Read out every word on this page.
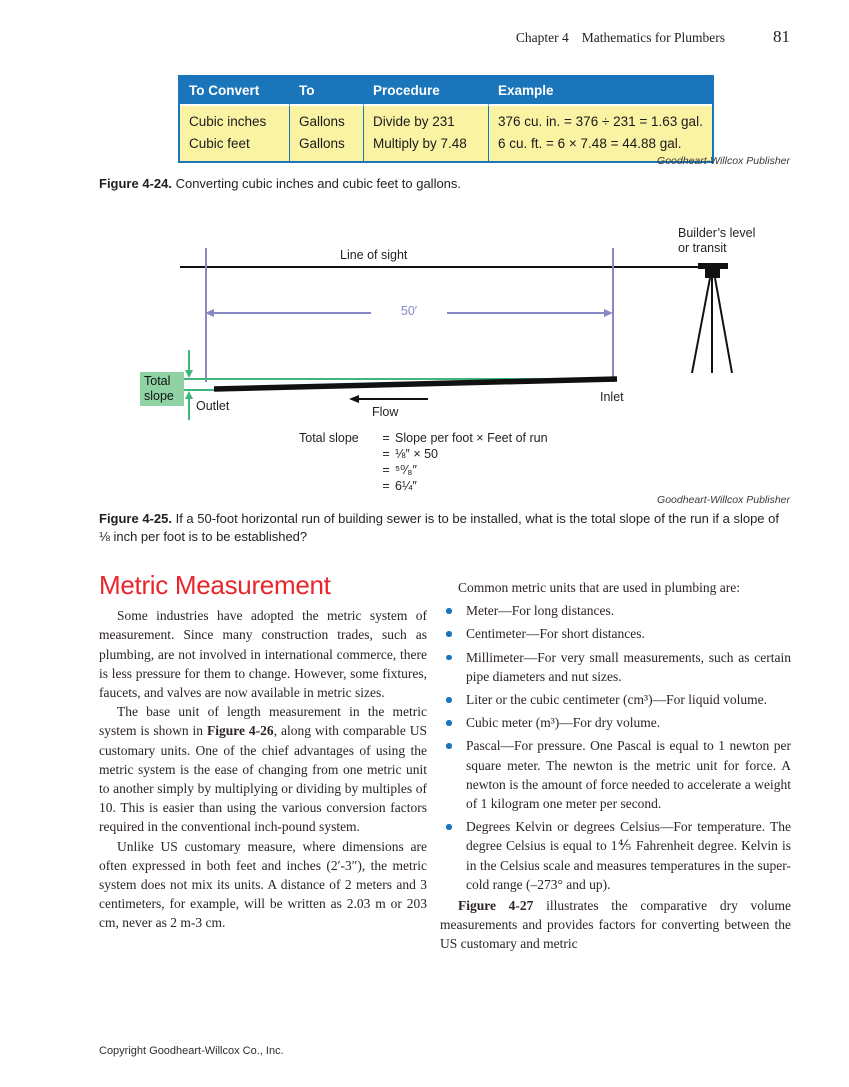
Chapter 4 Mathematics for Plumbers	81
To Convert	To	Procedure	Example
Cubic inches	Gallons	Divide by 231	376 cu. in. = 376 ÷ 231 = 1.63 gal.
Cubic feet	Gallons	Multiply by 7.48	6 cu. ft. = 6 × 7.48 = 44.88 gal.
Goodheart-Willcox Publisher
Figure 4-24. Converting cubic inches and cubic feet to gallons.
Builder’s level
or transit
Line of sight
50′
Total
slope
Outlet
Inlet
Flow
Total slope	= Slope per foot × Feet of run
= ⅛″ × 50
= ⁵⁰⁄₈″
= 6¼″
Goodheart-Willcox Publisher
Figure 4-25. If a 50-foot horizontal run of building sewer is to be installed, what is the total slope of the run if a slope of ⅛ inch per foot is to be established?
Metric Measurement

Some industries have adopted the metric system of measurement. Since many construction trades, such as plumbing, are not involved in international commerce, there is less pressure for them to change. However, some fixtures, faucets, and valves are now available in metric sizes.

The base unit of length measurement in the metric system is shown in Figure 4-26, along with comparable US customary units. One of the chief advantages of using the metric system is the ease of changing from one metric unit to another simply by multiplying or dividing by multiples of 10. This is easier than using the various conversion factors required in the conventional inch-pound system.

Unlike US customary measure, where dimensions are often expressed in both feet and inches (2′-3″), the metric system does not mix its units. A distance of 2 meters and 3 centimeters, for example, will be written as 2.03 m or 203 cm, never as 2 m-3 cm.

Common metric units that are used in plumbing are:

Meter—For long distances.
Centimeter—For short distances.
Millimeter—For very small measurements, such as certain pipe diameters and nut sizes.
Liter or the cubic centimeter (cm³)—For liquid volume.
Cubic meter (m³)—For dry volume.
Pascal—For pressure. One Pascal is equal to 1 newton per square meter. The newton is the metric unit for force. A newton is the amount of force needed to accelerate a weight of 1 kilogram one meter per second.
Degrees Kelvin or degrees Celsius—For temperature. The degree Celsius is equal to 1⅘ Fahrenheit degree. Kelvin is in the Celsius scale and measures temperatures in the super-cold range (–273° and up).

Figure 4-27 illustrates the comparative dry volume measurements and provides factors for converting between the US customary and metric

Copyright Goodheart-Willcox Co., Inc.
